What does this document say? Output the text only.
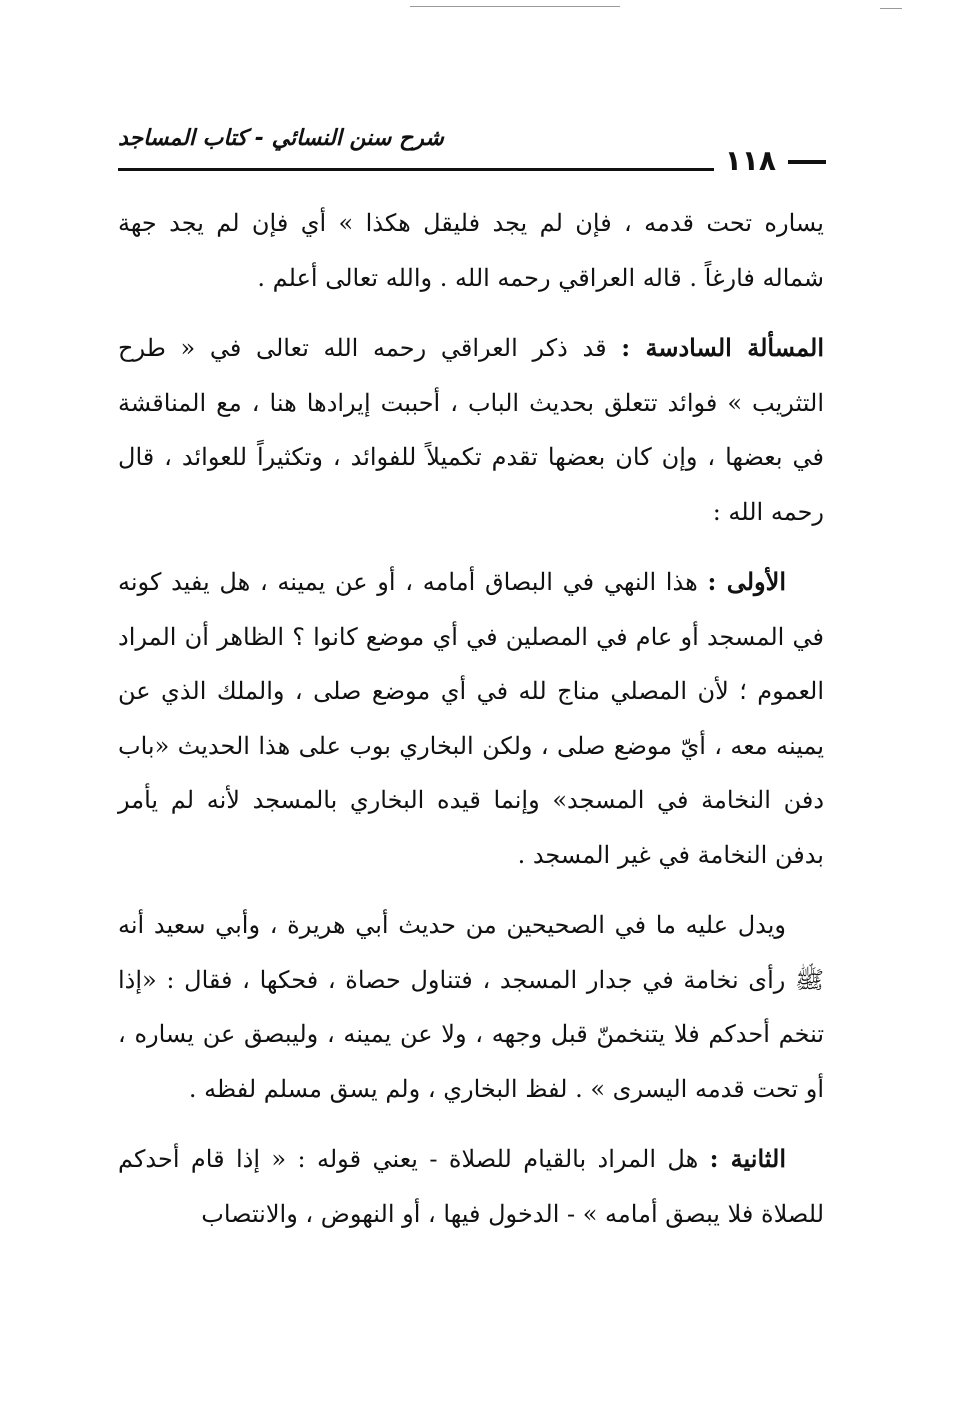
١١٨
شرح سنن النسائي - كتاب المساجد

يساره تحت قدمه ، فإن لم يجد فليقل هكذا » أي فإن لم يجد جهة شماله فارغاً . قاله العراقي رحمه الله . والله تعالى أعلم .

المسألة السادسة : قد ذكر العراقي رحمه الله تعالى في « طرح التثريب » فوائد تتعلق بحديث الباب ، أحببت إيرادها هنا ، مع المناقشة في بعضها ، وإن كان بعضها تقدم تكميلاً للفوائد ، وتكثيراً للعوائد ، قال رحمه الله :

الأولى : هذا النهي في البصاق أمامه ، أو عن يمينه ، هل يفيد كونه في المسجد أو عام في المصلين في أي موضع كانوا ؟ الظاهر أن المراد العموم ؛ لأن المصلي مناج لله في أي موضع صلى ، والملك الذي عن يمينه معه ، أيّ موضع صلى ، ولكن البخاري بوب على هذا الحديث «باب دفن النخامة في المسجد» وإنما قيده البخاري بالمسجد لأنه لم يأمر بدفن النخامة في غير المسجد .

ويدل عليه ما في الصحيحين من حديث أبي هريرة ، وأبي سعيد أنه ﷺ رأى نخامة في جدار المسجد ، فتناول حصاة ، فحكها ، فقال : «إذا تنخم أحدكم فلا يتنخمنّ قبل وجهه ، ولا عن يمينه ، وليبصق عن يساره ، أو تحت قدمه اليسرى » . لفظ البخاري ، ولم يسق مسلم لفظه .

الثانية : هل المراد بالقيام للصلاة - يعني قوله : « إذا قام أحدكم للصلاة فلا يبصق أمامه » - الدخول فيها ، أو النهوض ، والانتصاب
